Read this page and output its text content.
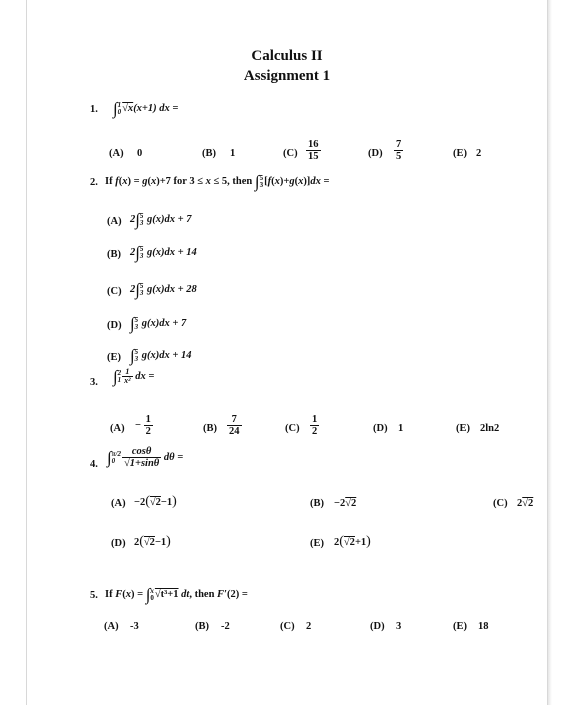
Calculus II
Assignment 1
1. ∫ 1
0 √x(x+1) dx =
(A) 0	(B) 1	$(C) \frac{16}{15}$	$(D) \frac{7}{5}$	(E) 2
2. If f(x) = g(x)+7 for 3 ≤ x ≤ 5, then ∫ 5
3 [f(x)+g(x)]dx =
(A) 2∫ 5
3 g(x)dx + 7
(B) 2∫ 5
3 g(x)dx + 14
(C) 2∫ 5
3 g(x)dx + 28
(D) ∫ 5
3 g(x)dx + 7
(E) ∫ 5
3 g(x)dx + 14
3. ∫ 2
$1 \frac{1}{\text{x²}}$ dx =
$(A) - \frac{1}{2}$	$(B) \frac{7}{24}$	$(C) \frac{1}{2}$	(D) 1	(E) 2ln2
4. ∫ π/2
$0 \frac{\cos\theta}{√1+\sin\theta}$ dθ =
(A) −2(√2−1)	(B) −2√2	(C) 2√2
(D) 2(√2−1)	(E) 2(√2+1)
5. If F(x) = ∫ x
0 √t³+1 dt, then F′(2) =
(A) -3	(B) -2	(C) 2	(D) 3	(E) 18
